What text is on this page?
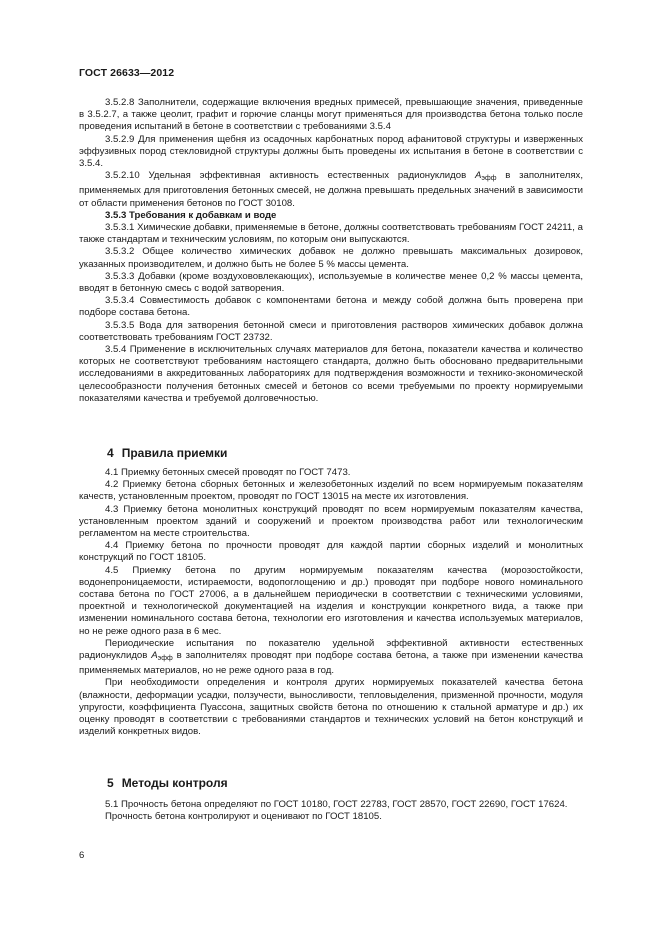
ГОСТ 26633—2012

3.5.2.8 Заполнители, содержащие включения вредных примесей, превышающие значения, приведенные в 3.5.2.7, а также цеолит, графит и горючие сланцы могут применяться для производства бетона только после проведения испытаний в бетоне в соответствии с требованиями 3.5.4

3.5.2.9 Для применения щебня из осадочных карбонатных пород афанитовой структуры и изверженных эффузивных пород стекловидной структуры должны быть проведены их испытания в бетоне в соответствии с 3.5.4.

3.5.2.10 Удельная эффективная активность естественных радионуклидов $А_{эфф}$ в заполнителях, применяемых для приготовления бетонных смесей, не должна превышать предельных значений в зависимости от области применения бетонов по ГОСТ 30108.

3.5.3 Требования к добавкам и воде

3.5.3.1 Химические добавки, применяемые в бетоне, должны соответствовать требованиям ГОСТ 24211, а также стандартам и техническим условиям, по которым они выпускаются.

3.5.3.2 Общее количество химических добавок не должно превышать максимальных дозировок, указанных производителем, и должно быть не более 5 % массы цемента.

3.5.3.3 Добавки (кроме воздухововлекающих), используемые в количестве менее 0,2 % массы цемента, вводят в бетонную смесь с водой затворения.

3.5.3.4 Совместимость добавок с компонентами бетона и между собой должна быть проверена при подборе состава бетона.

3.5.3.5 Вода для затворения бетонной смеси и приготовления растворов химических добавок должна соответствовать требованиям ГОСТ 23732.

3.5.4 Применение в исключительных случаях материалов для бетона, показатели качества и количество которых не соответствуют требованиям настоящего стандарта, должно быть обосновано предварительными исследованиями в аккредитованных лабораториях для подтверждения возможности и технико-экономической целесообразности получения бетонных смесей и бетонов со всеми требуемыми по проекту нормируемыми показателями качества и требуемой долговечностью.

4 Правила приемки

4.1 Приемку бетонных смесей проводят по ГОСТ 7473.

4.2 Приемку бетона сборных бетонных и железобетонных изделий по всем нормируемым показателям качеств, установленным проектом, проводят по ГОСТ 13015 на месте их изготовления.

4.3 Приемку бетона монолитных конструкций проводят по всем нормируемым показателям качества, установленным проектом зданий и сооружений и проектом производства работ или технологическим регламентом на месте строительства.

4.4 Приемку бетона по прочности проводят для каждой партии сборных изделий и монолитных конструкций по ГОСТ 18105.

4.5 Приемку бетона по другим нормируемым показателям качества (морозостойкости, водонепроницаемости, истираемости, водопоглощению и др.) проводят при подборе нового номинального состава бетона по ГОСТ 27006, а в дальнейшем периодически в соответствии с техническими условиями, проектной и технологической документацией на изделия и конструкции конкретного вида, а также при изменении номинального состава бетона, технологии его изготовления и качества используемых материалов, но не реже одного раза в 6 мес.

Периодические испытания по показателю удельной эффективной активности естественных радионуклидов $А_{эфф}$ в заполнителях проводят при подборе состава бетона, а также при изменении качества применяемых материалов, но не реже одного раза в год.

При необходимости определения и контроля других нормируемых показателей качества бетона (влажности, деформации усадки, ползучести, выносливости, тепловыделения, призменной прочности, модуля упругости, коэффициента Пуассона, защитных свойств бетона по отношению к стальной арматуре и др.) их оценку проводят в соответствии с требованиями стандартов и технических условий на бетон конструкций и изделий конкретных видов.

5 Методы контроля

5.1 Прочность бетона определяют по ГОСТ 10180, ГОСТ 22783, ГОСТ 28570, ГОСТ 22690, ГОСТ 17624.

Прочность бетона контролируют и оценивают по ГОСТ 18105.

6
